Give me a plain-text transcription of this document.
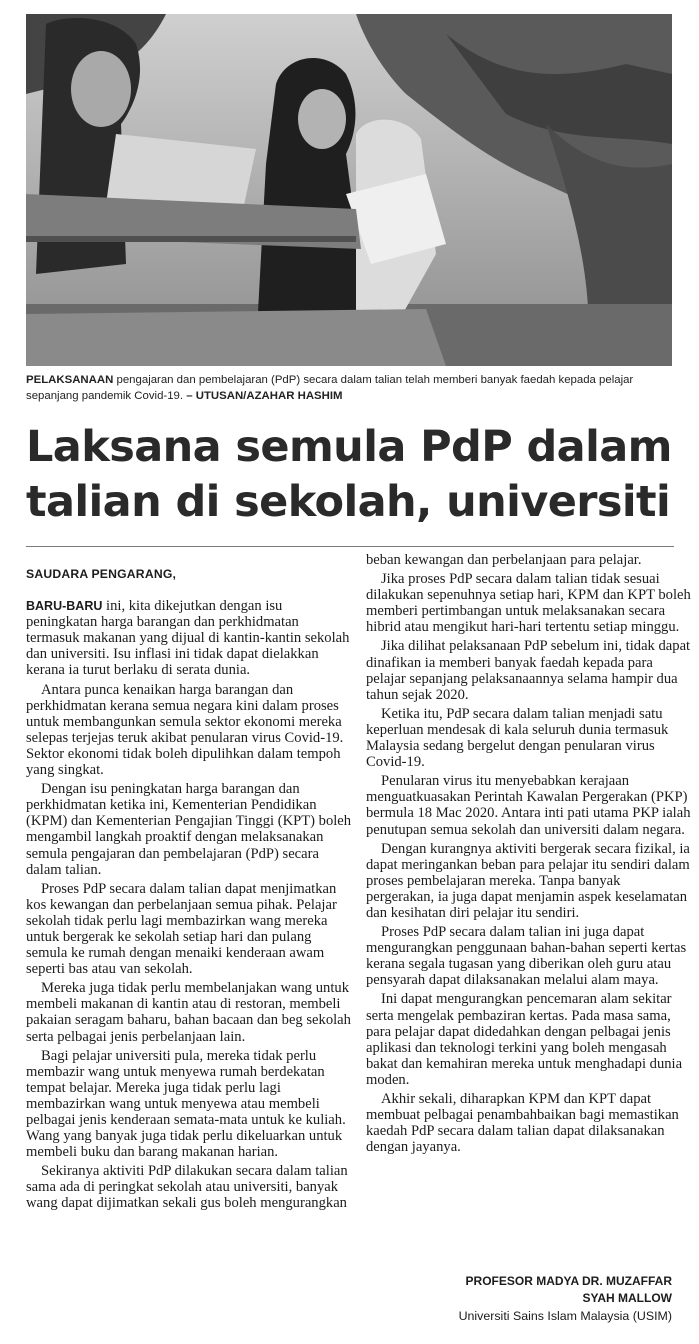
PELAKSANAAN pengajaran dan pembelajaran (PdP) secara dalam talian telah memberi banyak faedah kepada pelajar sepanjang pandemik Covid-19. – UTUSAN/AZAHAR HASHIM
Laksana semula PdP dalam talian di sekolah, universiti
SAUDARA PENGARANG,

BARU-BARU ini, kita dikejutkan dengan isu peningkatan harga barangan dan perkhidmatan termasuk makanan yang dijual di kantin-kantin sekolah dan universiti. Isu inflasi ini tidak dapat dielakkan kerana ia turut berlaku di serata dunia.

Antara punca kenaikan harga barangan dan perkhidmatan kerana semua negara kini dalam proses untuk membangunkan semula sektor ekonomi mereka selepas terjejas teruk akibat penularan virus Covid-19. Sektor ekonomi tidak boleh dipulihkan dalam tempoh yang singkat.

Dengan isu peningkatan harga barangan dan perkhidmatan ketika ini, Kementerian Pendidikan (KPM) dan Kementerian Pengajian Tinggi (KPT) boleh mengambil langkah proaktif dengan melaksanakan semula pengajaran dan pembelajaran (PdP) secara dalam talian.

Proses PdP secara dalam talian dapat menjimatkan kos kewangan dan perbelanjaan semua pihak. Pelajar sekolah tidak perlu lagi membazirkan wang mereka untuk bergerak ke sekolah setiap hari dan pulang semula ke rumah dengan menaiki kenderaan awam seperti bas atau van sekolah.

Mereka juga tidak perlu membelanjakan wang untuk membeli makanan di kantin atau di restoran, membeli pakaian seragam baharu, bahan bacaan dan beg sekolah serta pelbagai jenis perbelanjaan lain.

Bagi pelajar universiti pula, mereka tidak perlu membazir wang untuk menyewa rumah berdekatan tempat belajar. Mereka juga tidak perlu lagi membazirkan wang untuk menyewa atau membeli pelbagai jenis kenderaan semata-mata untuk ke kuliah. Wang yang banyak juga tidak perlu dikeluarkan untuk membeli buku dan barang makanan harian.

Sekiranya aktiviti PdP dilakukan secara dalam talian sama ada di peringkat sekolah atau universiti, banyak wang dapat dijimatkan sekali gus boleh mengurangkan

beban kewangan dan perbelanjaan para pelajar.

Jika proses PdP secara dalam talian tidak sesuai dilakukan sepenuhnya setiap hari, KPM dan KPT boleh memberi pertimbangan untuk melaksanakan secara hibrid atau mengikut hari-hari tertentu setiap minggu.

Jika dilihat pelaksanaan PdP sebelum ini, tidak dapat dinafikan ia memberi banyak faedah kepada para pelajar sepanjang pelaksanaannya selama hampir dua tahun sejak 2020.

Ketika itu, PdP secara dalam talian menjadi satu keperluan mendesak di kala seluruh dunia termasuk Malaysia sedang bergelut dengan penularan virus Covid-19.

Penularan virus itu menyebabkan kerajaan menguatkuasakan Perintah Kawalan Pergerakan (PKP) bermula 18 Mac 2020. Antara inti pati utama PKP ialah penutupan semua sekolah dan universiti dalam negara.

Dengan kurangnya aktiviti bergerak secara fizikal, ia dapat meringankan beban para pelajar itu sendiri dalam proses pembelajaran mereka. Tanpa banyak pergerakan, ia juga dapat menjamin aspek keselamatan dan kesihatan diri pelajar itu sendiri.

Proses PdP secara dalam talian ini juga dapat mengurangkan penggunaan bahan-bahan seperti kertas kerana segala tugasan yang diberikan oleh guru atau pensyarah dapat dilaksanakan melalui alam maya.

Ini dapat mengurangkan pencemaran alam sekitar serta mengelak pembaziran kertas. Pada masa sama, para pelajar dapat didedahkan dengan pelbagai jenis aplikasi dan teknologi terkini yang boleh mengasah bakat dan kemahiran mereka untuk menghadapi dunia moden.

Akhir sekali, diharapkan KPM dan KPT dapat membuat pelbagai penambahbaikan bagi memastikan kaedah PdP secara dalam talian dapat dilaksanakan dengan jayanya.

PROFESOR MADYA DR. MUZAFFAR
SYAH MALLOW
Universiti Sains Islam Malaysia (USIM)
